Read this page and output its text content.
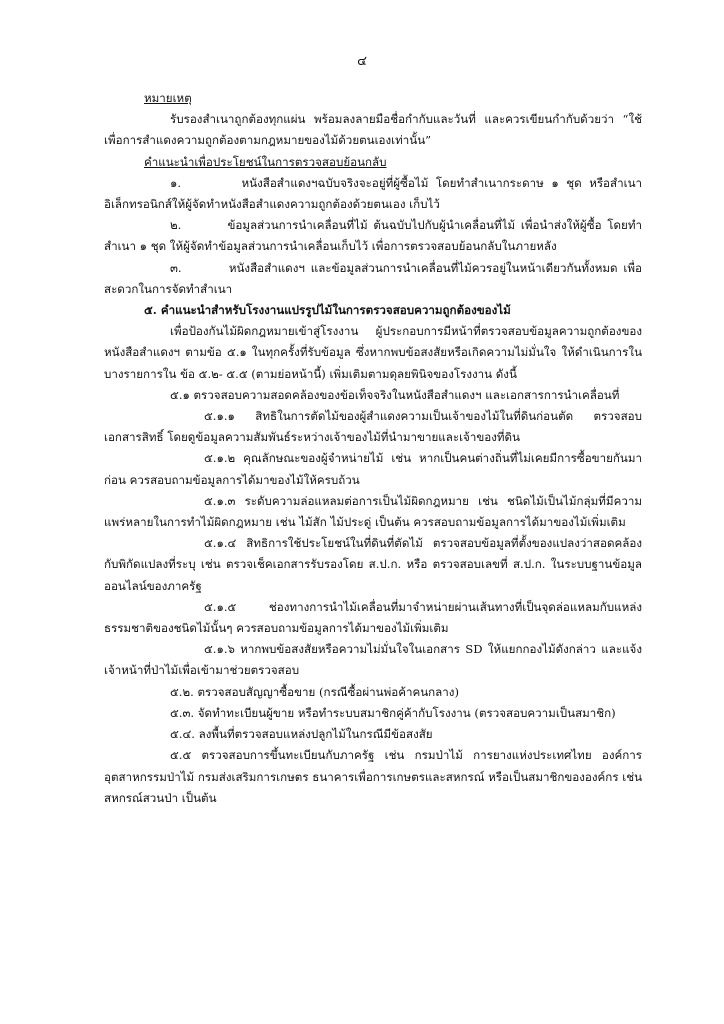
๔

หมายเหตุ

รับรองสำเนาถูกต้องทุกแผ่น พร้อมลงลายมือชื่อกำกับและวันที่ และควรเขียนกำกับด้วยว่า “ใช้เพื่อการสำแดงความถูกต้องตามกฎหมายของไม้ด้วยตนเองเท่านั้น”

คำแนะนำเพื่อประโยชน์ในการตรวจสอบย้อนกลับ

๑.	หนังสือสำแดงฯฉบับจริงจะอยู่ที่ผู้ซื้อไม้ โดยทำสำเนากระดาษ ๑ ชุด หรือสำเนาอิเล็กทรอนิกส์ให้ผู้จัดทำหนังสือสำแดงความถูกต้องด้วยตนเอง เก็บไว้

๒.	ข้อมูลส่วนการนำเคลื่อนที่ไม้ ต้นฉบับไปกับผู้นำเคลื่อนที่ไม้ เพื่อนำส่งให้ผู้ซื้อ โดยทำสำเนา ๑ ชุด ให้ผู้จัดทำข้อมูลส่วนการนำเคลื่อนเก็บไว้ เพื่อการตรวจสอบย้อนกลับในภายหลัง

๓.	หนังสือสำแดงฯ และข้อมูลส่วนการนำเคลื่อนที่ไม้ควรอยู่ในหน้าเดียวกันทั้งหมด เพื่อสะดวกในการจัดทำสำเนา

๕. คำแนะนำสำหรับโรงงานแปรรูปไม้ในการตรวจสอบความถูกต้องของไม้

เพื่อป้องกันไม้ผิดกฎหมายเข้าสู่โรงงาน ผู้ประกอบการมีหน้าที่ตรวจสอบข้อมูลความถูกต้องของหนังสือสำแดงฯ ตามข้อ ๕.๑ ในทุกครั้งที่รับข้อมูล ซึ่งหากพบข้อสงสัยหรือเกิดความไม่มั่นใจ ให้ดำเนินการในบางรายการใน ข้อ ๕.๒- ๕.๕ (ตามย่อหน้านี้) เพิ่มเติมตามดุลยพินิจของโรงงาน ดังนี้

๕.๑ ตรวจสอบความสอดคล้องของข้อเท็จจริงในหนังสือสำแดงฯ และเอกสารการนำเคลื่อนที่

๕.๑.๑ สิทธิในการตัดไม้ของผู้สำแดงความเป็นเจ้าของไม้ในที่ดินก่อนตัด ตรวจสอบเอกสารสิทธิ์ โดยดูข้อมูลความสัมพันธ์ระหว่างเจ้าของไม้ที่นำมาขายและเจ้าของที่ดิน

๕.๑.๒ คุณลักษณะของผู้จำหน่ายไม้ เช่น หากเป็นคนต่างถิ่นที่ไม่เคยมีการซื้อขายกันมาก่อน ควรสอบถามข้อมูลการได้มาของไม้ให้ครบถ้วน

๕.๑.๓ ระดับความล่อแหลมต่อการเป็นไม้ผิดกฎหมาย เช่น ชนิดไม้เป็นไม้กลุ่มที่มีความแพร่หลายในการทำไม้ผิดกฎหมาย เช่น ไม้สัก ไม้ประดู่ เป็นต้น ควรสอบถามข้อมูลการได้มาของไม้เพิ่มเติม

๕.๑.๔ สิทธิการใช้ประโยชน์ในที่ดินที่ตัดไม้ ตรวจสอบข้อมูลที่ตั้งของแปลงว่าสอดคล้องกับพิกัดแปลงที่ระบุ เช่น ตรวจเช็คเอกสารรับรองโดย ส.ป.ก. หรือ ตรวจสอบเลขที่ ส.ป.ก. ในระบบฐานข้อมูลออนไลน์ของภาครัฐ

๕.๑.๕ ช่องทางการนำไม้เคลื่อนที่มาจำหน่ายผ่านเส้นทางที่เป็นจุดล่อแหลมกับแหล่งธรรมชาติของชนิดไม้นั้นๆ ควรสอบถามข้อมูลการได้มาของไม้เพิ่มเติม

๕.๑.๖ หากพบข้อสงสัยหรือความไม่มั่นใจในเอกสาร SD ให้แยกกองไม้ดังกล่าว และแจ้งเจ้าหน้าที่ป่าไม้เพื่อเข้ามาช่วยตรวจสอบ

๕.๒. ตรวจสอบสัญญาซื้อขาย (กรณีซื้อผ่านพ่อค้าคนกลาง)

๕.๓. จัดทำทะเบียนผู้ขาย หรือทำระบบสมาชิกคู่ค้ากับโรงงาน (ตรวจสอบความเป็นสมาชิก)

๕.๔. ลงพื้นที่ตรวจสอบแหล่งปลูกไม้ในกรณีมีข้อสงสัย

๕.๕ ตรวจสอบการขึ้นทะเบียนกับภาครัฐ เช่น กรมป่าไม้ การยางแห่งประเทศไทย องค์การอุตสาหกรรมป่าไม้ กรมส่งเสริมการเกษตร ธนาคารเพื่อการเกษตรและสหกรณ์ หรือเป็นสมาชิกขององค์กร เช่น สหกรณ์สวนป่า เป็นต้น
